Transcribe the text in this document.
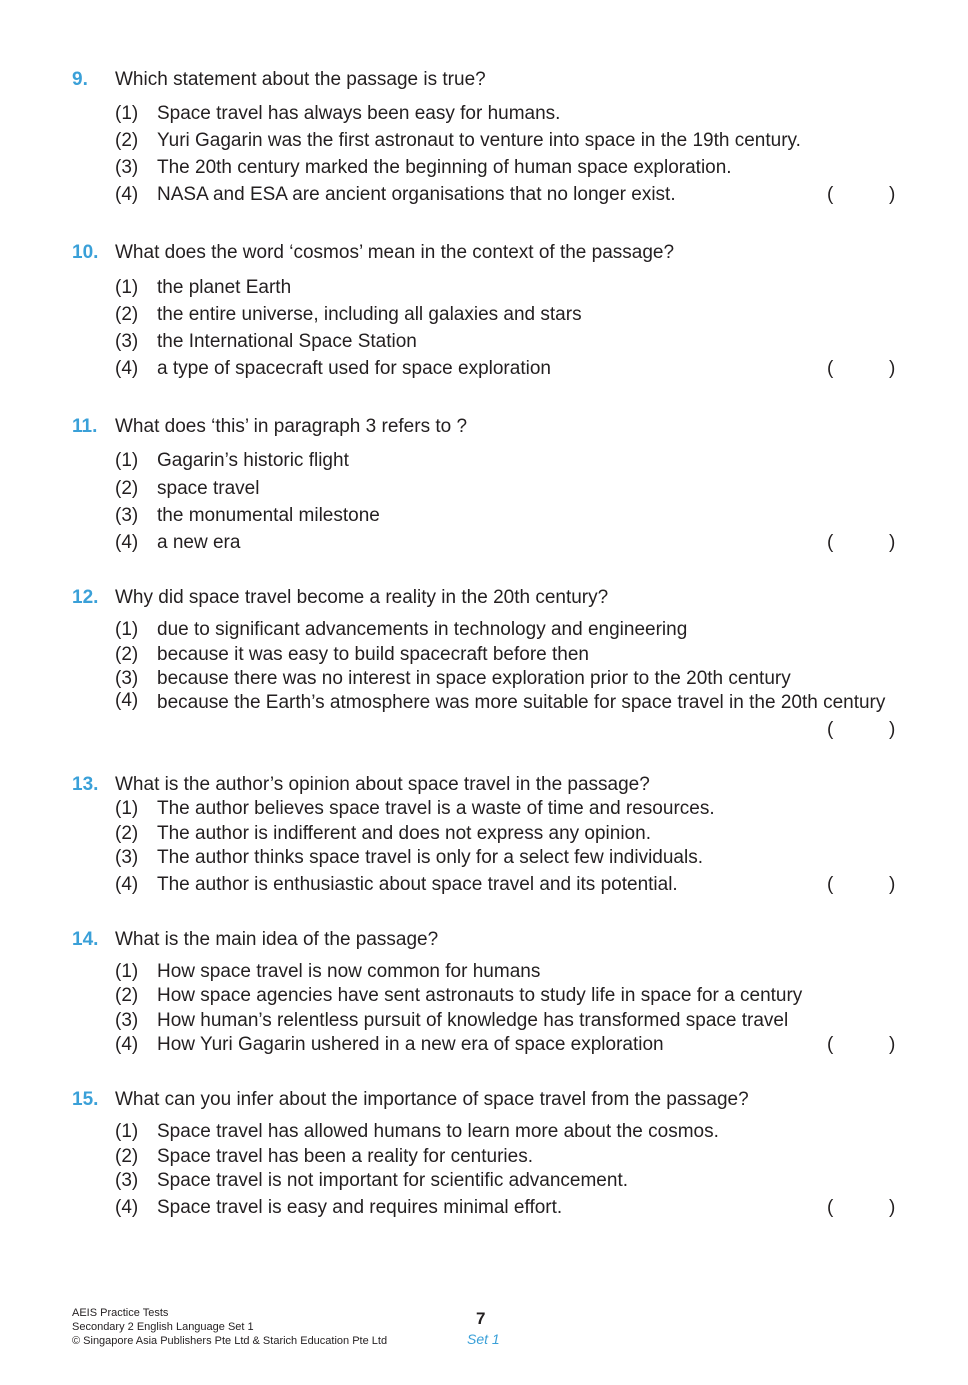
9. Which statement about the passage is true?
(1) Space travel has always been easy for humans.
(2) Yuri Gagarin was the first astronaut to venture into space in the 19th century.
(3) The 20th century marked the beginning of human space exploration.
(4) NASA and ESA are ancient organisations that no longer exist.	(	)
10. What does the word ‘cosmos’ mean in the context of the passage?
(1) the planet Earth
(2) the entire universe, including all galaxies and stars
(3) the International Space Station
(4) a type of spacecraft used for space exploration	(	)
11. What does ‘this’ in paragraph 3 refers to ?
(1) Gagarin’s historic flight
(2) space travel
(3) the monumental milestone
(4) a new era	(	)
12. Why did space travel become a reality in the 20th century?
(1) due to significant advancements in technology and engineering
(2) because it was easy to build spacecraft before then
(3) because there was no interest in space exploration prior to the 20th century
(4) because the Earth’s atmosphere was more suitable for space travel in the 20th century
(	)
13. What is the author’s opinion about space travel in the passage?
(1) The author believes space travel is a waste of time and resources.
(2) The author is indifferent and does not express any opinion.
(3) The author thinks space travel is only for a select few individuals.
(4) The author is enthusiastic about space travel and its potential.	(	)
14. What is the main idea of the passage?
(1) How space travel is now common for humans
(2) How space agencies have sent astronauts to study life in space for a century
(3) How human’s relentless pursuit of knowledge has transformed space travel
(4) How Yuri Gagarin ushered in a new era of space exploration	(	)
15. What can you infer about the importance of space travel from the passage?
(1) Space travel has allowed humans to learn more about the cosmos.
(2) Space travel has been a reality for centuries.
(3) Space travel is not important for scientific advancement.
(4) Space travel is easy and requires minimal effort.	(	)
AEIS Practice Tests
Secondary 2 English Language Set 1
© Singapore Asia Publishers Pte Ltd & Starich Education Pte Ltd
7
Set 1
